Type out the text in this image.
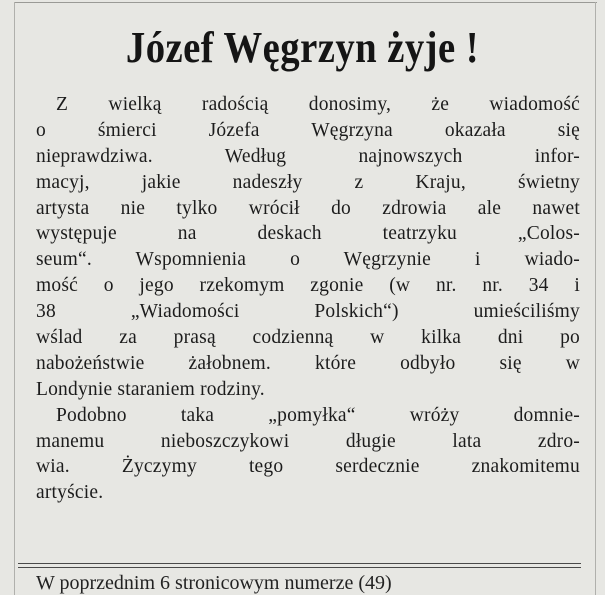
Józef Węgrzyn żyje !
Z wielką radością donosimy, że wiadomość
o śmierci Józefa Węgrzyna okazała się
nieprawdziwa. Według najnowszych infor-
macyj, jakie nadeszły z Kraju, świetny
artysta nie tylko wrócił do zdrowia ale nawet
występuje na deskach teatrzyku „Colos-
seum“. Wspomnienia o Węgrzynie i wiado-
mość o jego rzekomym zgonie (w nr. nr. 34 i
38 „Wiadomości Polskich“) umieściliśmy
wślad za prasą codzienną w kilka dni po
nabożeństwie żałobnem. które odbyło się w
Londynie staraniem rodziny.
Podobno taka „pomyłka“ wróży domnie-
manemu nieboszczykowi długie lata zdro-
wia. Życzymy tego serdecznie znakomitemu
artyście.
W poprzednim 6 stronicowym numerze (49)
